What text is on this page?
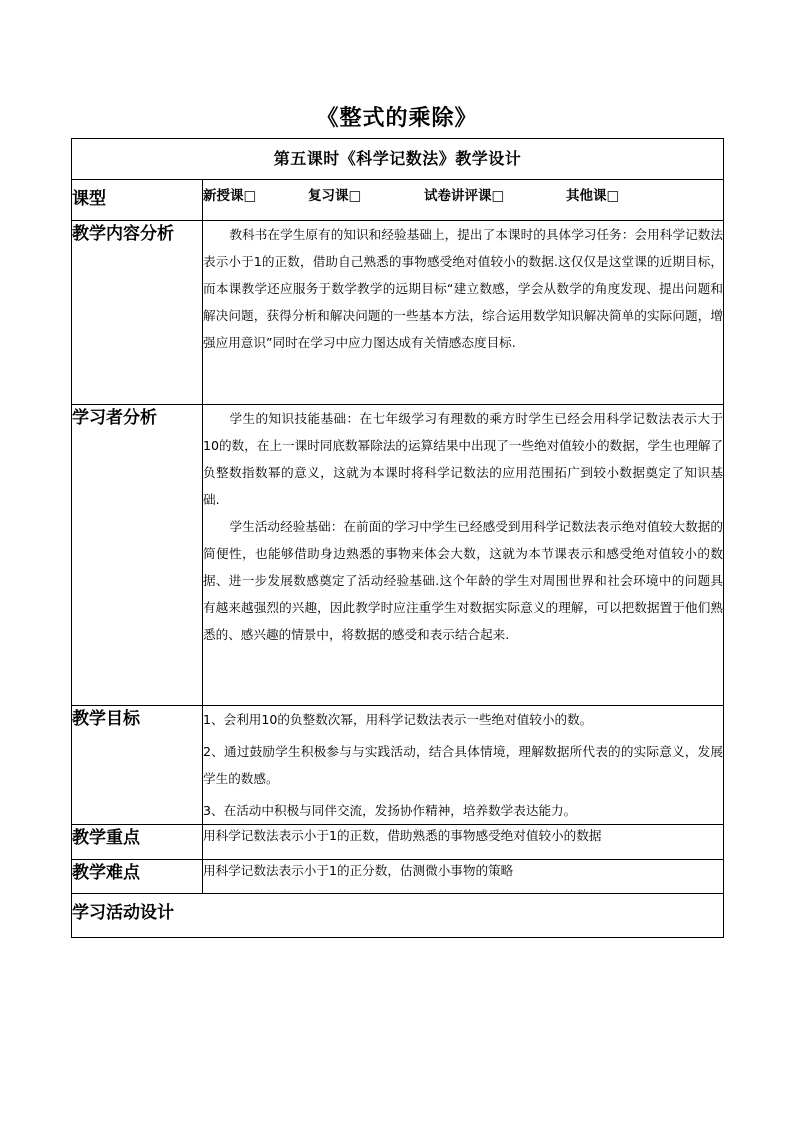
《整式的乘除》
第五课时《科学记数法》教学设计	
课型	新授课□ 复习课□ 试卷讲评课□ 其他课□
教学内容分析	教科书在学生原有的知识和经验基础上，提出了本课时的具体学习任务：会用科学记数法表示小于1的正数，借助自己熟悉的事物感受绝对值较小的数据.这仅仅是这堂课的近期目标，而本课教学还应服务于数学教学的远期目标“建立数感，学会从数学的角度发现、提出问题和解决问题，获得分析和解决问题的一些基本方法，综合运用数学知识解决简单的实际问题，增强应用意识”同时在学习中应力图达成有关情感态度目标.

学习者分析	学生的知识技能基础：在七年级学习有理数的乘方时学生已经会用科学记数法表示大于10的数，在上一课时同底数幂除法的运算结果中出现了一些绝对值较小的数据，学生也理解了负整数指数幂的意义，这就为本课时将科学记数法的应用范围拓广到较小数据奠定了知识基础.

学生活动经验基础：在前面的学习中学生已经感受到用科学记数法表示绝对值较大数据的简便性，也能够借助身边熟悉的事物来体会大数，这就为本节课表示和感受绝对值较小的数据、进一步发展数感奠定了活动经验基础.这个年龄的学生对周围世界和社会环境中的问题具有越来越强烈的兴趣，因此教学时应注重学生对数据实际意义的理解，可以把数据置于他们熟悉的、感兴趣的情景中，将数据的感受和表示结合起来.

教学目标	1、会利用10的负整数次幂，用科学记数法表示一些绝对值较小的数。

2、通过鼓励学生积极参与与实践活动，结合具体情境，理解数据所代表的的实际意义，发展学生的数感。

3、在活动中积极与同伴交流，发扬协作精神，培养数学表达能力。

教学重点	用科学记数法表示小于1的正数，借助熟悉的事物感受绝对值较小的数据
教学难点	用科学记数法表示小于1的正分数，估测微小事物的策略
学习活动设计	
